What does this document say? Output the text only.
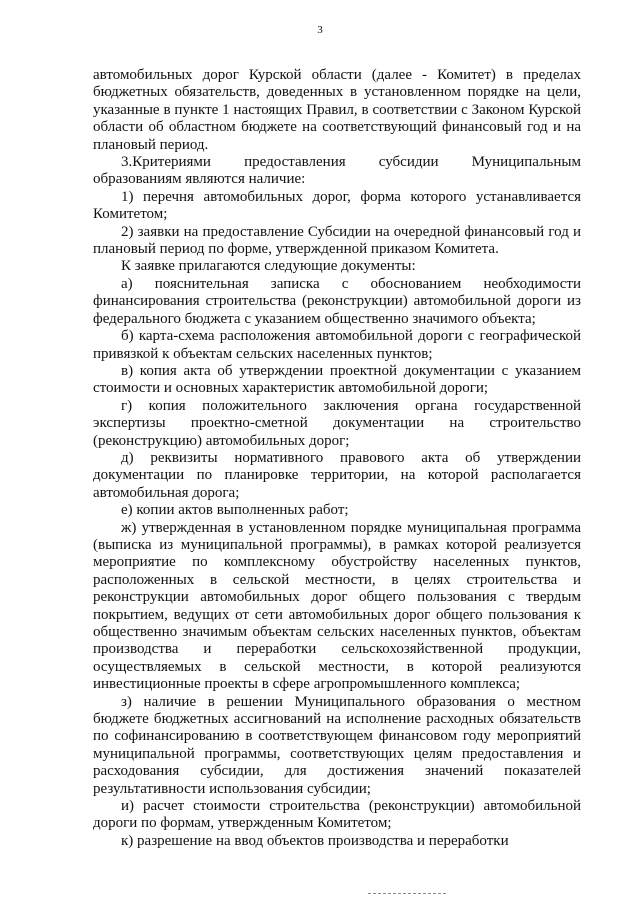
3

автомобильных дорог Курской области (далее - Комитет) в пределах бюджетных обязательств, доведенных в установленном порядке на цели, указанные в пункте 1 настоящих Правил, в соответствии с Законом Курской области об областном бюджете на соответствующий финансовый год и на плановый период.

3.Критериями предоставления субсидии Муниципальным образованиям являются наличие:

1) перечня автомобильных дорог, форма которого устанавливается Комитетом;

2) заявки на предоставление Субсидии на очередной финансовый год и плановый период по форме, утвержденной приказом Комитета.

К заявке прилагаются следующие документы:

а) пояснительная записка с обоснованием необходимости финансирования строительства (реконструкции) автомобильной дороги из федерального бюджета с указанием общественно значимого объекта;

б) карта-схема расположения автомобильной дороги с географической привязкой к объектам сельских населенных пунктов;

в) копия акта об утверждении проектной документации с указанием стоимости и основных характеристик автомобильной дороги;

г) копия положительного заключения органа государственной экспертизы проектно-сметной документации на строительство (реконструкцию) автомобильных дорог;

д) реквизиты нормативного правового акта об утверждении документации по планировке территории, на которой располагается автомобильная дорога;

е) копии актов выполненных работ;

ж) утвержденная в установленном порядке муниципальная программа (выписка из муниципальной программы), в рамках которой реализуется мероприятие по комплексному обустройству населенных пунктов, расположенных в сельской местности, в целях строительства и реконструкции автомобильных дорог общего пользования с твердым покрытием, ведущих от сети автомобильных дорог общего пользования к общественно значимым объектам сельских населенных пунктов, объектам производства и переработки сельскохозяйственной продукции, осуществляемых в сельской местности, в которой реализуются инвестиционные проекты в сфере агропромышленного комплекса;

з) наличие в решении Муниципального образования о местном бюджете бюджетных ассигнований на исполнение расходных обязательств по софинансированию в соответствующем финансовом году мероприятий муниципальной программы, соответствующих целям предоставления и расходования субсидии, для достижения значений показателей результативности использования субсидии;

и) расчет стоимости строительства (реконструкции) автомобильной дороги по формам, утвержденным Комитетом;

к) разрешение на ввод объектов производства и переработки
